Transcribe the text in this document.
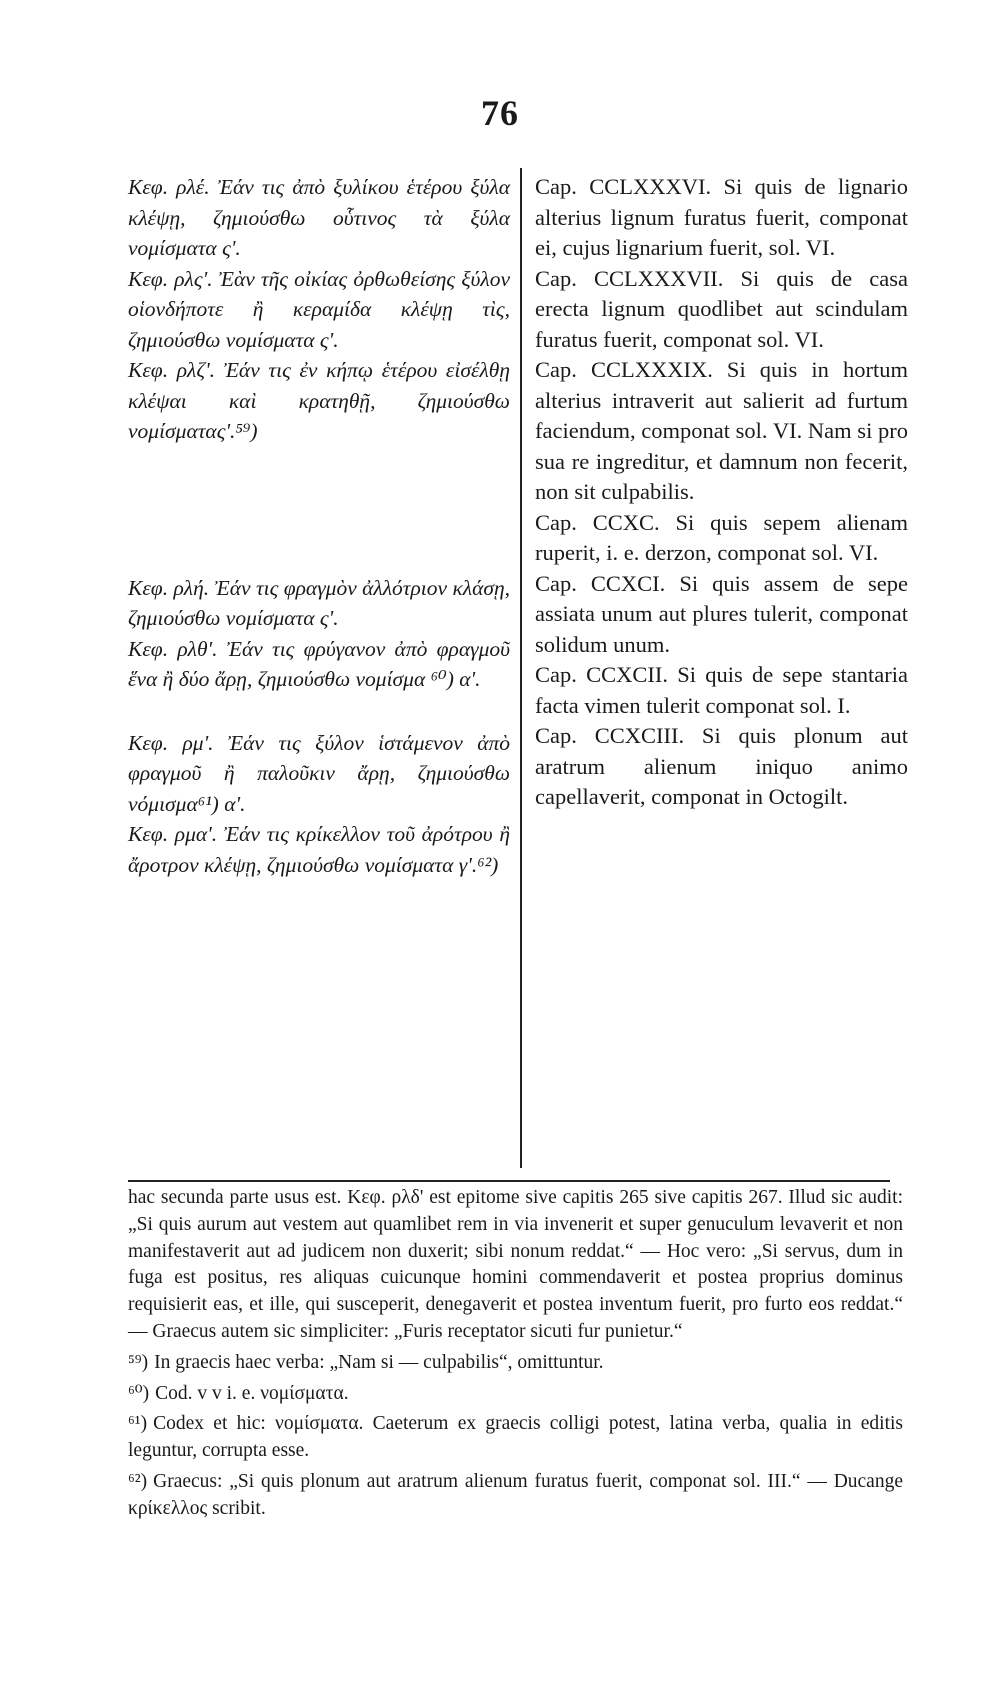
76
Κεφ. ρλέ. Ἐάν τις ἀπὸ ξυλίκου ἑτέρου ξύλα κλέψῃ, ζημιούσθω οὗτινος τὰ ξύλα νομίσματα ς'.
Κεφ. ρλς'. Ἐὰν τῆς οἰκίας ὀρθωθείσης ξύλον οἱονδήποτε ἢ κεραμίδα κλέψῃ τὶς, ζημιούσθω νομίσματα ς'.
Κεφ. ρλζ'. Ἐάν τις ἐν κήπῳ ἑτέρου εἰσέλθῃ κλέψαι καὶ κρατηθῇ, ζημιούσθω νομίσματας'.⁵⁹)
Κεφ. ρλή. Ἐάν τις φραγμὸν ἀλλότριον κλάσῃ, ζημιούσθω νομίσματα ς'.
Κεφ. ρλθ'. Ἐάν τις φρύγανον ἀπὸ φραγμοῦ ἕνα ἢ δύο ἄρῃ, ζημιούσθω νομίσμα ⁶⁰) α'.
Κεφ. ρμ'. Ἐάν τις ξύλον ἱστάμενον ἀπὸ φραγμοῦ ἢ παλοῦκιν ἄρῃ, ζημιούσθω νόμισμα⁶¹) α'.
Κεφ. ρμα'. Ἐάν τις κρίκελλον τοῦ ἀρότρου ἢ ἄροτρον κλέψῃ, ζημιούσθω νομίσματα γ'.⁶²)
Cap. CCLXXXVI. Si quis de lignario alterius lignum furatus fuerit, componat ei, cujus lignarium fuerit, sol. VI.
Cap. CCLXXXVII. Si quis de casa erecta lignum quodlibet aut scindulam furatus fuerit, componat sol. VI.
Cap. CCLXXXIX. Si quis in hortum alterius intraverit aut salierit ad furtum faciendum, componat sol. VI. Nam si pro sua re ingreditur, et damnum non fecerit, non sit culpabilis.
Cap. CCXC. Si quis sepem alienam ruperit, i. e. derzon, componat sol. VI.
Cap. CCXCI. Si quis assem de sepe assiata unum aut plures tulerit, componat solidum unum.
Cap. CCXCII. Si quis de sepe stantaria facta vimen tulerit componat sol. I.
Cap. CCXCIII. Si quis plonum aut aratrum alienum iniquo animo capellaverit, componat in Octogilt.

hac secunda parte usus est. Κεφ. ρλδ' est epitome sive capitis 265 sive capitis 267. Illud sic audit: „Si quis aurum aut vestem aut quamlibet rem in via invenerit et super genuculum levaverit et non manifestaverit aut ad judicem non duxerit; sibi nonum reddat.“ — Hoc vero: „Si servus, dum in fuga est positus, res aliquas cuicunque homini commendaverit et postea proprius dominus requisierit eas, et ille, qui susceperit, denegaverit et postea inventum fuerit, pro furto eos reddat.“ — Graecus autem sic simpliciter: „Furis receptator sicuti fur punietur.“

⁵⁹) In graecis haec verba: „Nam si — culpabilis“, omittuntur.

⁶⁰) Cod. v v i. e. νομίσματα.

⁶¹) Codex et hic: νομίσματα. Caeterum ex graecis colligi potest, latina verba, qualia in editis leguntur, corrupta esse.

⁶²) Graecus: „Si quis plonum aut aratrum alienum furatus fuerit, componat sol. III.“ — Ducange κρίκελλος scribit.
